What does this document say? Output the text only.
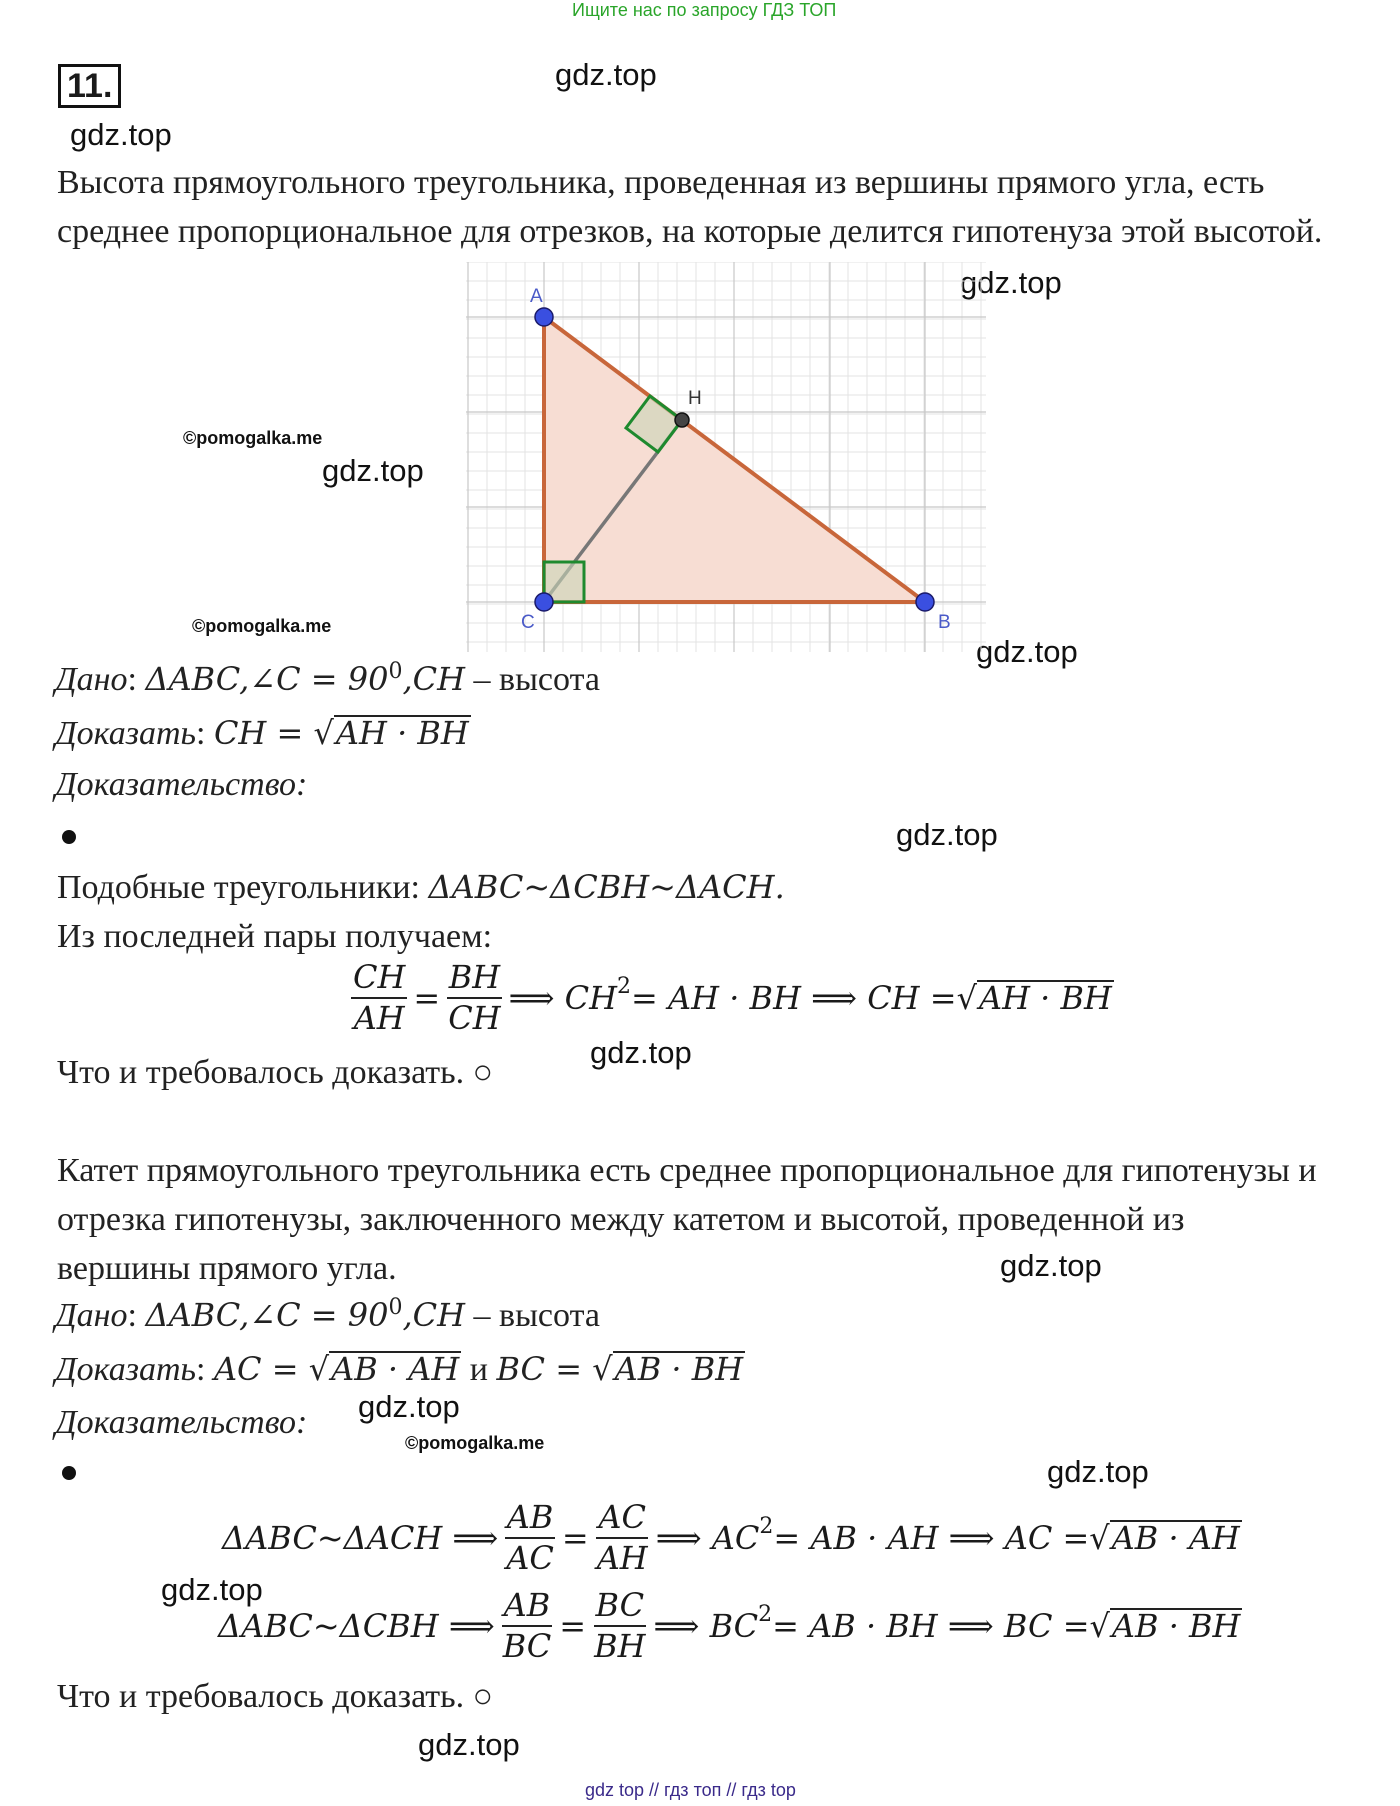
Ищите нас по запросу ГДЗ ТОП
11.	gdz.top
gdz.top
gdz.top
gdz.top
gdz.top
gdz.top
gdz.top
gdz.top
gdz.top
gdz.top
gdz.top
gdz.top
©pomogalka.me
©pomogalka.me
©pomogalka.me
Высота прямоугольного треугольника, проведенная из вершины прямого угла, есть
среднее пропорциональное для отрезков, на которые делится гипотенуза этой высотой.
A
B
C
H
Дано: ΔABC,∠C = $90^0,CH$ – высота
Доказать: CH = √AH · BH
Доказательство:
Подобные треугольники: ΔABC~ΔCBH~ΔACH.
Из последней пары получаем:
$\frac{CH}{AH} = \frac{BH}{CH}$ ⟹ CH 2 = AH · BH ⟹ CH = √ AH · BH
Что и требовалось доказать. ○
Катет прямоугольного треугольника есть среднее пропорциональное для гипотенузы и
отрезка гипотенузы, заключенного между катетом и высотой, проведенной из
вершины прямого угла.
Дано: ΔABC,∠C = $90^0,CH$ – высота
Доказать: AC = √AB · AH и BC = √AB · BH
Доказательство:
ΔABC~ΔACH ⟹ $\frac{AB}{AC} = \frac{AC}{AH}$ ⟹ AC 2 = AB · AH ⟹ AC = √ AB · AH
ΔABC~ΔCBH ⟹ $\frac{AB}{BC} = \frac{BC}{BH}$ ⟹ BC 2 = AB · BH ⟹ BC = √ AB · BH
Что и требовалось доказать. ○
gdz top // гдз топ // гдз top
